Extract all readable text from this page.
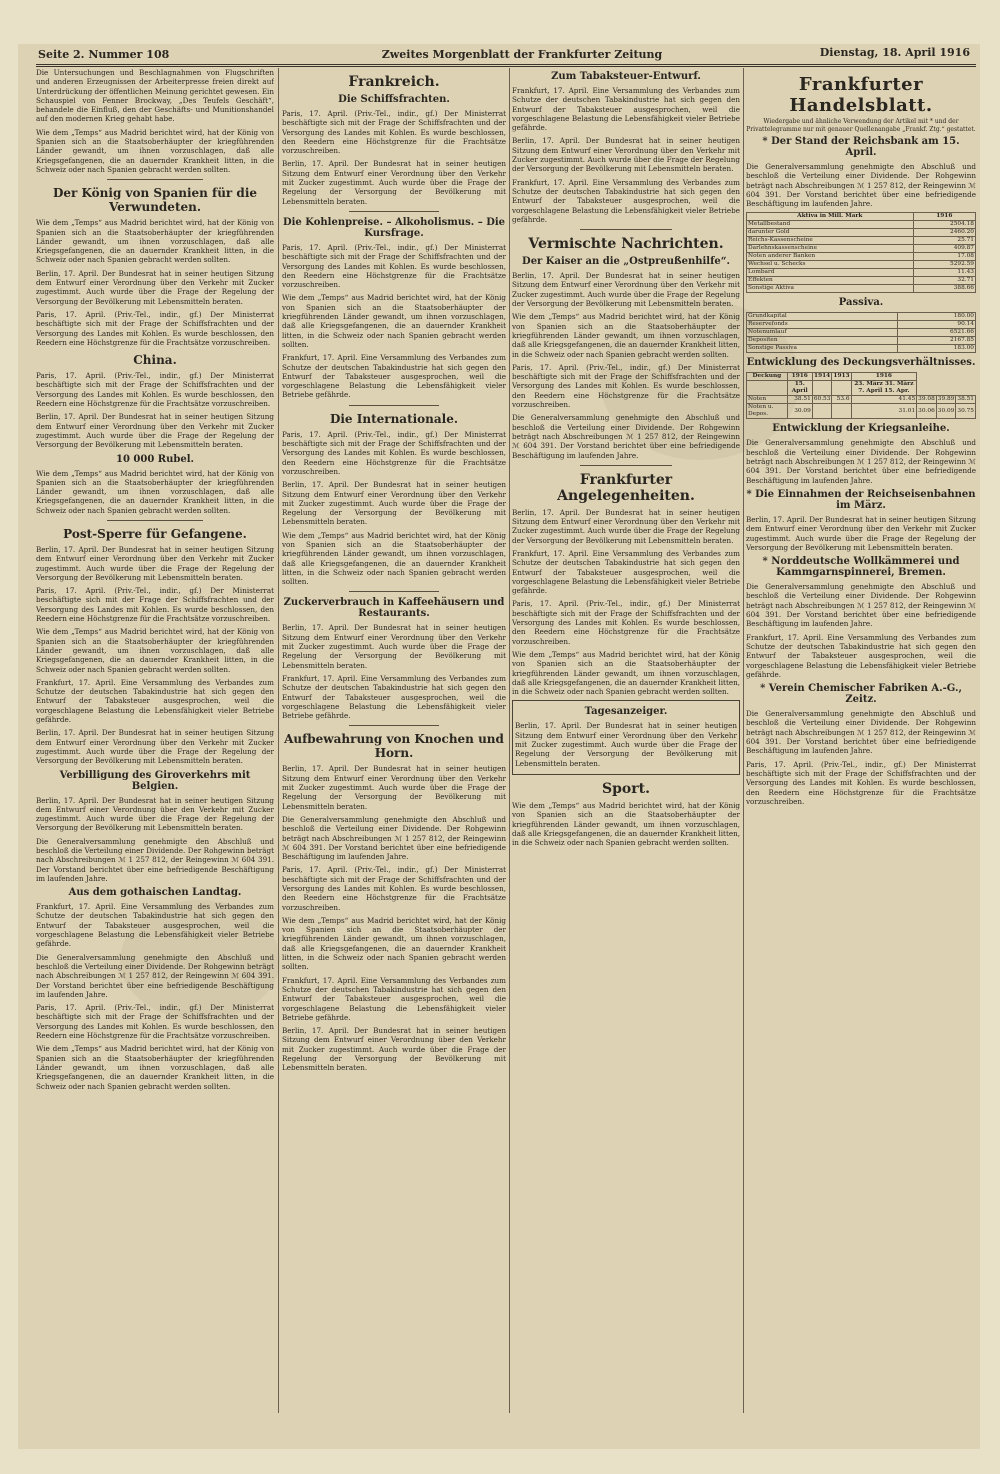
Seite 2. Nummer 108	Zweites Morgenblatt der Frankfurter Zeitung	Dienstag, 18. April 1916

Die Untersuchungen und Beschlagnahmen von Flugschriften und anderen Erzeugnissen der Arbeiterpresse freien direkt auf Unterdrückung der öffentlichen Meinung gerichtet gewesen. Ein Schauspiel von Fenner Brockway, „Des Teufels Geschäft“, behandele die Einfluß, den der Geschäfts- und Munitionshandel auf den modernen Krieg gehabt habe.

Wie dem „Temps“ aus Madrid berichtet wird, hat der König von Spanien sich an die Staatsoberhäupter der kriegführenden Länder gewandt, um ihnen vorzuschlagen, daß alle Kriegsgefangenen, die an dauernder Krankheit litten, in die Schweiz oder nach Spanien gebracht werden sollten.

Der König von Spanien für die Verwundeten.

Wie dem „Temps“ aus Madrid berichtet wird, hat der König von Spanien sich an die Staatsoberhäupter der kriegführenden Länder gewandt, um ihnen vorzuschlagen, daß alle Kriegsgefangenen, die an dauernder Krankheit litten, in die Schweiz oder nach Spanien gebracht werden sollten.

Berlin, 17. April. Der Bundesrat hat in seiner heutigen Sitzung dem Entwurf einer Verordnung über den Verkehr mit Zucker zugestimmt. Auch wurde über die Frage der Regelung der Versorgung der Bevölkerung mit Lebensmitteln beraten.

Paris, 17. April. (Priv.-Tel., indir., gf.) Der Ministerrat beschäftigte sich mit der Frage der Schiffsfrachten und der Versorgung des Landes mit Kohlen. Es wurde beschlossen, den Reedern eine Höchstgrenze für die Frachtsätze vorzuschreiben.

China.

Paris, 17. April. (Priv.-Tel., indir., gf.) Der Ministerrat beschäftigte sich mit der Frage der Schiffsfrachten und der Versorgung des Landes mit Kohlen. Es wurde beschlossen, den Reedern eine Höchstgrenze für die Frachtsätze vorzuschreiben.

Berlin, 17. April. Der Bundesrat hat in seiner heutigen Sitzung dem Entwurf einer Verordnung über den Verkehr mit Zucker zugestimmt. Auch wurde über die Frage der Regelung der Versorgung der Bevölkerung mit Lebensmitteln beraten.

10 000 Rubel.

Wie dem „Temps“ aus Madrid berichtet wird, hat der König von Spanien sich an die Staatsoberhäupter der kriegführenden Länder gewandt, um ihnen vorzuschlagen, daß alle Kriegsgefangenen, die an dauernder Krankheit litten, in die Schweiz oder nach Spanien gebracht werden sollten.

Post-Sperre für Gefangene.

Berlin, 17. April. Der Bundesrat hat in seiner heutigen Sitzung dem Entwurf einer Verordnung über den Verkehr mit Zucker zugestimmt. Auch wurde über die Frage der Regelung der Versorgung der Bevölkerung mit Lebensmitteln beraten.

Paris, 17. April. (Priv.-Tel., indir., gf.) Der Ministerrat beschäftigte sich mit der Frage der Schiffsfrachten und der Versorgung des Landes mit Kohlen. Es wurde beschlossen, den Reedern eine Höchstgrenze für die Frachtsätze vorzuschreiben.

Wie dem „Temps“ aus Madrid berichtet wird, hat der König von Spanien sich an die Staatsoberhäupter der kriegführenden Länder gewandt, um ihnen vorzuschlagen, daß alle Kriegsgefangenen, die an dauernder Krankheit litten, in die Schweiz oder nach Spanien gebracht werden sollten.

Frankfurt, 17. April. Eine Versammlung des Verbandes zum Schutze der deutschen Tabakindustrie hat sich gegen den Entwurf der Tabaksteuer ausgesprochen, weil die vorgeschlagene Belastung die Lebensfähigkeit vieler Betriebe gefährde.

Berlin, 17. April. Der Bundesrat hat in seiner heutigen Sitzung dem Entwurf einer Verordnung über den Verkehr mit Zucker zugestimmt. Auch wurde über die Frage der Regelung der Versorgung der Bevölkerung mit Lebensmitteln beraten.

Verbilligung des Giroverkehrs mit Belgien.

Berlin, 17. April. Der Bundesrat hat in seiner heutigen Sitzung dem Entwurf einer Verordnung über den Verkehr mit Zucker zugestimmt. Auch wurde über die Frage der Regelung der Versorgung der Bevölkerung mit Lebensmitteln beraten.

Die Generalversammlung genehmigte den Abschluß und beschloß die Verteilung einer Dividende. Der Rohgewinn beträgt nach Abschreibungen ℳ 1 257 812, der Reingewinn ℳ 604 391. Der Vorstand berichtet über eine befriedigende Beschäftigung im laufenden Jahre.

Aus dem gothaischen Landtag.

Frankfurt, 17. April. Eine Versammlung des Verbandes zum Schutze der deutschen Tabakindustrie hat sich gegen den Entwurf der Tabaksteuer ausgesprochen, weil die vorgeschlagene Belastung die Lebensfähigkeit vieler Betriebe gefährde.

Die Generalversammlung genehmigte den Abschluß und beschloß die Verteilung einer Dividende. Der Rohgewinn beträgt nach Abschreibungen ℳ 1 257 812, der Reingewinn ℳ 604 391. Der Vorstand berichtet über eine befriedigende Beschäftigung im laufenden Jahre.

Paris, 17. April. (Priv.-Tel., indir., gf.) Der Ministerrat beschäftigte sich mit der Frage der Schiffsfrachten und der Versorgung des Landes mit Kohlen. Es wurde beschlossen, den Reedern eine Höchstgrenze für die Frachtsätze vorzuschreiben.

Wie dem „Temps“ aus Madrid berichtet wird, hat der König von Spanien sich an die Staatsoberhäupter der kriegführenden Länder gewandt, um ihnen vorzuschlagen, daß alle Kriegsgefangenen, die an dauernder Krankheit litten, in die Schweiz oder nach Spanien gebracht werden sollten.

Frankreich.
Die Schiffsfrachten.

Paris, 17. April. (Priv.-Tel., indir., gf.) Der Ministerrat beschäftigte sich mit der Frage der Schiffsfrachten und der Versorgung des Landes mit Kohlen. Es wurde beschlossen, den Reedern eine Höchstgrenze für die Frachtsätze vorzuschreiben.

Berlin, 17. April. Der Bundesrat hat in seiner heutigen Sitzung dem Entwurf einer Verordnung über den Verkehr mit Zucker zugestimmt. Auch wurde über die Frage der Regelung der Versorgung der Bevölkerung mit Lebensmitteln beraten.

Die Kohlenpreise. – Alkoholismus. – Die Kursfrage.

Paris, 17. April. (Priv.-Tel., indir., gf.) Der Ministerrat beschäftigte sich mit der Frage der Schiffsfrachten und der Versorgung des Landes mit Kohlen. Es wurde beschlossen, den Reedern eine Höchstgrenze für die Frachtsätze vorzuschreiben.

Wie dem „Temps“ aus Madrid berichtet wird, hat der König von Spanien sich an die Staatsoberhäupter der kriegführenden Länder gewandt, um ihnen vorzuschlagen, daß alle Kriegsgefangenen, die an dauernder Krankheit litten, in die Schweiz oder nach Spanien gebracht werden sollten.

Frankfurt, 17. April. Eine Versammlung des Verbandes zum Schutze der deutschen Tabakindustrie hat sich gegen den Entwurf der Tabaksteuer ausgesprochen, weil die vorgeschlagene Belastung die Lebensfähigkeit vieler Betriebe gefährde.

Die Internationale.

Paris, 17. April. (Priv.-Tel., indir., gf.) Der Ministerrat beschäftigte sich mit der Frage der Schiffsfrachten und der Versorgung des Landes mit Kohlen. Es wurde beschlossen, den Reedern eine Höchstgrenze für die Frachtsätze vorzuschreiben.

Berlin, 17. April. Der Bundesrat hat in seiner heutigen Sitzung dem Entwurf einer Verordnung über den Verkehr mit Zucker zugestimmt. Auch wurde über die Frage der Regelung der Versorgung der Bevölkerung mit Lebensmitteln beraten.

Wie dem „Temps“ aus Madrid berichtet wird, hat der König von Spanien sich an die Staatsoberhäupter der kriegführenden Länder gewandt, um ihnen vorzuschlagen, daß alle Kriegsgefangenen, die an dauernder Krankheit litten, in die Schweiz oder nach Spanien gebracht werden sollten.

Zuckerverbrauch in Kaffeehäusern und Restaurants.

Berlin, 17. April. Der Bundesrat hat in seiner heutigen Sitzung dem Entwurf einer Verordnung über den Verkehr mit Zucker zugestimmt. Auch wurde über die Frage der Regelung der Versorgung der Bevölkerung mit Lebensmitteln beraten.

Frankfurt, 17. April. Eine Versammlung des Verbandes zum Schutze der deutschen Tabakindustrie hat sich gegen den Entwurf der Tabaksteuer ausgesprochen, weil die vorgeschlagene Belastung die Lebensfähigkeit vieler Betriebe gefährde.

Aufbewahrung von Knochen und Horn.

Berlin, 17. April. Der Bundesrat hat in seiner heutigen Sitzung dem Entwurf einer Verordnung über den Verkehr mit Zucker zugestimmt. Auch wurde über die Frage der Regelung der Versorgung der Bevölkerung mit Lebensmitteln beraten.

Die Generalversammlung genehmigte den Abschluß und beschloß die Verteilung einer Dividende. Der Rohgewinn beträgt nach Abschreibungen ℳ 1 257 812, der Reingewinn ℳ 604 391. Der Vorstand berichtet über eine befriedigende Beschäftigung im laufenden Jahre.

Paris, 17. April. (Priv.-Tel., indir., gf.) Der Ministerrat beschäftigte sich mit der Frage der Schiffsfrachten und der Versorgung des Landes mit Kohlen. Es wurde beschlossen, den Reedern eine Höchstgrenze für die Frachtsätze vorzuschreiben.

Wie dem „Temps“ aus Madrid berichtet wird, hat der König von Spanien sich an die Staatsoberhäupter der kriegführenden Länder gewandt, um ihnen vorzuschlagen, daß alle Kriegsgefangenen, die an dauernder Krankheit litten, in die Schweiz oder nach Spanien gebracht werden sollten.

Frankfurt, 17. April. Eine Versammlung des Verbandes zum Schutze der deutschen Tabakindustrie hat sich gegen den Entwurf der Tabaksteuer ausgesprochen, weil die vorgeschlagene Belastung die Lebensfähigkeit vieler Betriebe gefährde.

Berlin, 17. April. Der Bundesrat hat in seiner heutigen Sitzung dem Entwurf einer Verordnung über den Verkehr mit Zucker zugestimmt. Auch wurde über die Frage der Regelung der Versorgung der Bevölkerung mit Lebensmitteln beraten.

Zum Tabaksteuer-Entwurf.

Frankfurt, 17. April. Eine Versammlung des Verbandes zum Schutze der deutschen Tabakindustrie hat sich gegen den Entwurf der Tabaksteuer ausgesprochen, weil die vorgeschlagene Belastung die Lebensfähigkeit vieler Betriebe gefährde.

Berlin, 17. April. Der Bundesrat hat in seiner heutigen Sitzung dem Entwurf einer Verordnung über den Verkehr mit Zucker zugestimmt. Auch wurde über die Frage der Regelung der Versorgung der Bevölkerung mit Lebensmitteln beraten.

Frankfurt, 17. April. Eine Versammlung des Verbandes zum Schutze der deutschen Tabakindustrie hat sich gegen den Entwurf der Tabaksteuer ausgesprochen, weil die vorgeschlagene Belastung die Lebensfähigkeit vieler Betriebe gefährde.

Vermischte Nachrichten.
Der Kaiser an die „Ostpreußenhilfe“.

Berlin, 17. April. Der Bundesrat hat in seiner heutigen Sitzung dem Entwurf einer Verordnung über den Verkehr mit Zucker zugestimmt. Auch wurde über die Frage der Regelung der Versorgung der Bevölkerung mit Lebensmitteln beraten.

Wie dem „Temps“ aus Madrid berichtet wird, hat der König von Spanien sich an die Staatsoberhäupter der kriegführenden Länder gewandt, um ihnen vorzuschlagen, daß alle Kriegsgefangenen, die an dauernder Krankheit litten, in die Schweiz oder nach Spanien gebracht werden sollten.

Paris, 17. April. (Priv.-Tel., indir., gf.) Der Ministerrat beschäftigte sich mit der Frage der Schiffsfrachten und der Versorgung des Landes mit Kohlen. Es wurde beschlossen, den Reedern eine Höchstgrenze für die Frachtsätze vorzuschreiben.

Die Generalversammlung genehmigte den Abschluß und beschloß die Verteilung einer Dividende. Der Rohgewinn beträgt nach Abschreibungen ℳ 1 257 812, der Reingewinn ℳ 604 391. Der Vorstand berichtet über eine befriedigende Beschäftigung im laufenden Jahre.

Frankfurter Angelegenheiten.

Berlin, 17. April. Der Bundesrat hat in seiner heutigen Sitzung dem Entwurf einer Verordnung über den Verkehr mit Zucker zugestimmt. Auch wurde über die Frage der Regelung der Versorgung der Bevölkerung mit Lebensmitteln beraten.

Frankfurt, 17. April. Eine Versammlung des Verbandes zum Schutze der deutschen Tabakindustrie hat sich gegen den Entwurf der Tabaksteuer ausgesprochen, weil die vorgeschlagene Belastung die Lebensfähigkeit vieler Betriebe gefährde.

Paris, 17. April. (Priv.-Tel., indir., gf.) Der Ministerrat beschäftigte sich mit der Frage der Schiffsfrachten und der Versorgung des Landes mit Kohlen. Es wurde beschlossen, den Reedern eine Höchstgrenze für die Frachtsätze vorzuschreiben.

Wie dem „Temps“ aus Madrid berichtet wird, hat der König von Spanien sich an die Staatsoberhäupter der kriegführenden Länder gewandt, um ihnen vorzuschlagen, daß alle Kriegsgefangenen, die an dauernder Krankheit litten, in die Schweiz oder nach Spanien gebracht werden sollten.

Tagesanzeiger.

Berlin, 17. April. Der Bundesrat hat in seiner heutigen Sitzung dem Entwurf einer Verordnung über den Verkehr mit Zucker zugestimmt. Auch wurde über die Frage der Regelung der Versorgung der Bevölkerung mit Lebensmitteln beraten.

Sport.

Wie dem „Temps“ aus Madrid berichtet wird, hat der König von Spanien sich an die Staatsoberhäupter der kriegführenden Länder gewandt, um ihnen vorzuschlagen, daß alle Kriegsgefangenen, die an dauernder Krankheit litten, in die Schweiz oder nach Spanien gebracht werden sollten.

Frankfurter Handelsblatt.
Wiedergabe und ähnliche Verwendung der Artikel mit * und der Privattelegramme nur mit genauer Quellenangabe „Frankf. Ztg.“ gestattet.
* Der Stand der Reichsbank am 15. April.

Die Generalversammlung genehmigte den Abschluß und beschloß die Verteilung einer Dividende. Der Rohgewinn beträgt nach Abschreibungen ℳ 1 257 812, der Reingewinn ℳ 604 391. Der Vorstand berichtet über eine befriedigende Beschäftigung im laufenden Jahre.

Aktiva in Mill. Mark	1916
Metallbestand	2504.18
darunter Gold	2460.20
Reichs-Kassenscheine	25.71
Darlehnskassenscheine	409.87
Noten anderer Banken	17.08
Wechsel u. Schecks	5292.59
Lombard	11.43
Effekten	32.71
Sonstige Aktiva	388.66
Passiva.
Grundkapital	180.00
Reservefonds	90.14
Notenumlauf	6521.66
Depositen	2167.85
Sonstige Passiva	183.00
Entwicklung des Deckungsverhältnisses.
Deckung	1916	1914	1913	1916			
	15. April			23. März 31. März 7. April 15. Apr.			
Noten	38.51	60.53	53.6	41.45	39.08	39.89	38.51
Noten u. Depos.	30.09			31.01	30.06	30.09	30.75
Entwicklung der Kriegsanleihe.

Die Generalversammlung genehmigte den Abschluß und beschloß die Verteilung einer Dividende. Der Rohgewinn beträgt nach Abschreibungen ℳ 1 257 812, der Reingewinn ℳ 604 391. Der Vorstand berichtet über eine befriedigende Beschäftigung im laufenden Jahre.

* Die Einnahmen der Reichseisenbahnen im März.

Berlin, 17. April. Der Bundesrat hat in seiner heutigen Sitzung dem Entwurf einer Verordnung über den Verkehr mit Zucker zugestimmt. Auch wurde über die Frage der Regelung der Versorgung der Bevölkerung mit Lebensmitteln beraten.

* Norddeutsche Wollkämmerei und Kammgarnspinnerei, Bremen.

Die Generalversammlung genehmigte den Abschluß und beschloß die Verteilung einer Dividende. Der Rohgewinn beträgt nach Abschreibungen ℳ 1 257 812, der Reingewinn ℳ 604 391. Der Vorstand berichtet über eine befriedigende Beschäftigung im laufenden Jahre.

Frankfurt, 17. April. Eine Versammlung des Verbandes zum Schutze der deutschen Tabakindustrie hat sich gegen den Entwurf der Tabaksteuer ausgesprochen, weil die vorgeschlagene Belastung die Lebensfähigkeit vieler Betriebe gefährde.

* Verein Chemischer Fabriken A.-G., Zeitz.

Die Generalversammlung genehmigte den Abschluß und beschloß die Verteilung einer Dividende. Der Rohgewinn beträgt nach Abschreibungen ℳ 1 257 812, der Reingewinn ℳ 604 391. Der Vorstand berichtet über eine befriedigende Beschäftigung im laufenden Jahre.

Paris, 17. April. (Priv.-Tel., indir., gf.) Der Ministerrat beschäftigte sich mit der Frage der Schiffsfrachten und der Versorgung des Landes mit Kohlen. Es wurde beschlossen, den Reedern eine Höchstgrenze für die Frachtsätze vorzuschreiben.
